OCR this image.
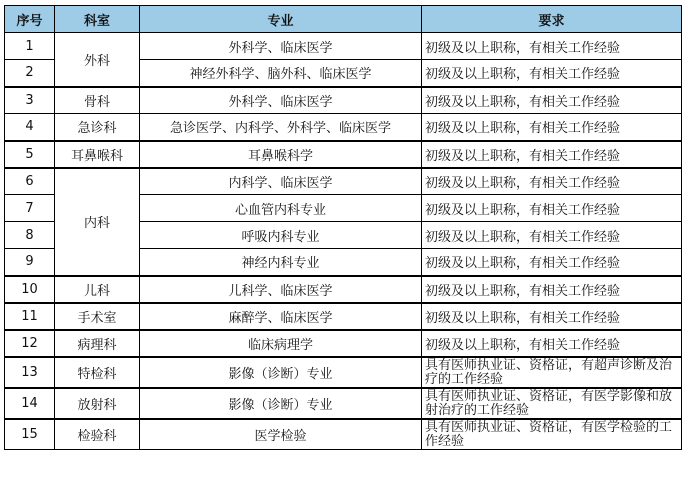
序号	科室	专业	要求
1	外科	外科学、临床医学	初级及以上职称，有相关工作经验
2		神经外科学、脑外科、临床医学	初级及以上职称，有相关工作经验
3	骨科	外科学、临床医学	初级及以上职称，有相关工作经验
4	急诊科	急诊医学、内科学、外科学、临床医学	初级及以上职称，有相关工作经验
5	耳鼻喉科	耳鼻喉科学	初级及以上职称，有相关工作经验
6	内科	内科学、临床医学	初级及以上职称，有相关工作经验
7		心血管内科专业	初级及以上职称，有相关工作经验
8		呼吸内科专业	初级及以上职称，有相关工作经验
9		神经内科专业	初级及以上职称，有相关工作经验
10	儿科	儿科学、临床医学	初级及以上职称，有相关工作经验
11	手术室	麻醉学、临床医学	初级及以上职称，有相关工作经验
12	病理科	临床病理学	初级及以上职称，有相关工作经验
13	特检科	影像（诊断）专业	具有医师执业证、资格证，有超声诊断及治疗的工作经验
14	放射科	影像（诊断）专业	具有医师执业证、资格证，有医学影像和放射治疗的工作经验
15	检验科	医学检验	具有医师执业证、资格证，有医学检验的工作经验
